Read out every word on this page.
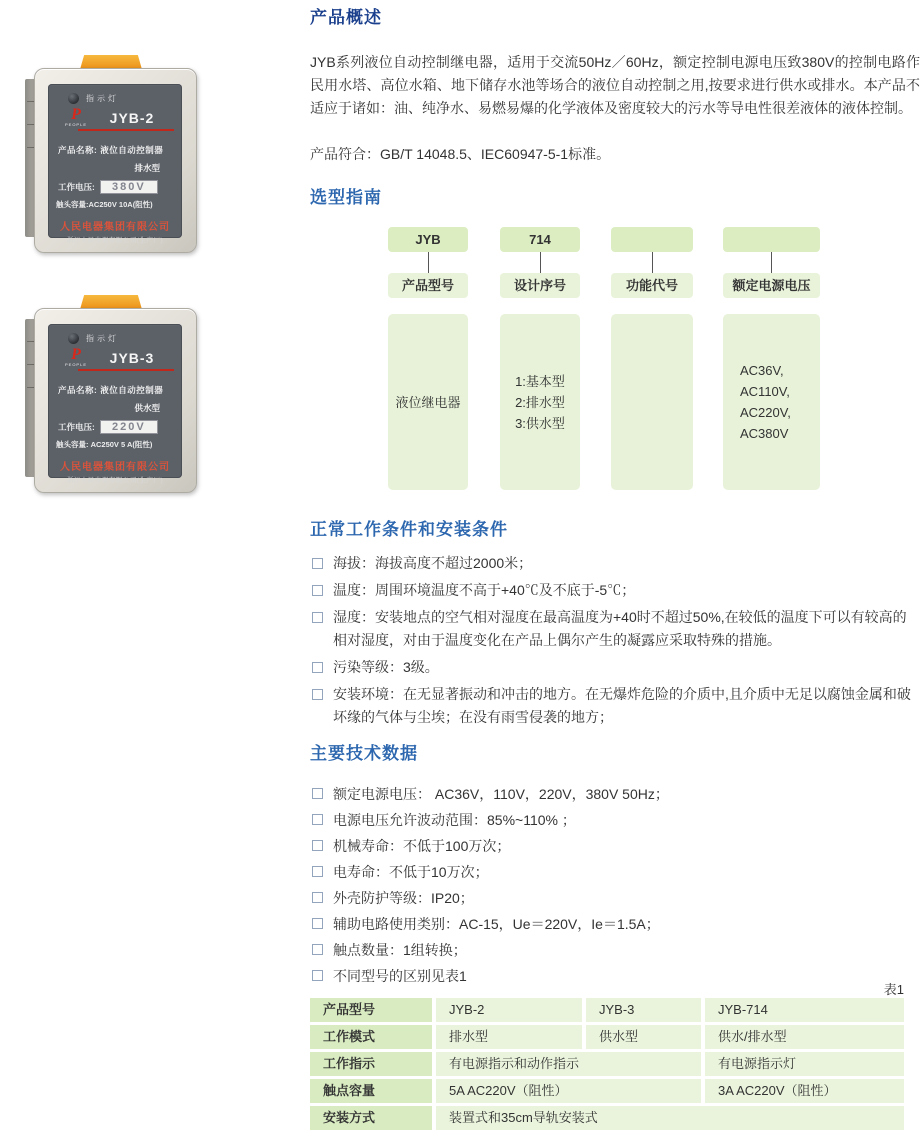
指示灯
P
PEOPLE	JYB-2
产品名称: 液位自动控制器
排水型
工作电压:	380V
触头容量:AC250V 10A(阻性)
人民电器集团有限公司
浙江人民电器有限公司(生产厂)
指示灯
P
PEOPLE	JYB-3
产品名称: 液位自动控制器
供水型
工作电压:	220V
触头容量: AC250V 5 A(阻性)
人民电器集团有限公司
浙江人民电器有限公司(生产厂)
产品概述
JYB系列液位自动控制继电器，适用于交流50Hz／60Hz，额定控制电源电压致380V的控制电路作民用水塔、高位水箱、地下储存水池等场合的液位自动控制之用,按要求进行供水或排水。本产品不适应于诸如：油、纯净水、易燃易爆的化学液体及密度较大的污水等导电性很差液体的液体控制。
产品符合：GB/T 14048.5、IEC60947-5-1标准。
选型指南
JYB
产品型号
液位继电器
714
设计序号
1:基本型
2:排水型
3:供水型
功能代号	额定电源电压
AC36V,
AC110V,
AC220V,
AC380V
正常工作条件和安装条件
海拔：海拔高度不超过2000米；
温度：周围环境温度不高于+40℃及不底于-5℃；
湿度：安装地点的空气相对湿度在最高温度为+40时不超过50%,在较低的温度下可以有较高的相对湿度，对由于温度变化在产品上偶尔产生的凝露应采取特殊的措施。
污染等级：3级。
安装环境：在无显著振动和冲击的地方。在无爆炸危险的介质中,且介质中无足以腐蚀金属和破坏缘的气体与尘埃；在没有雨雪侵袭的地方；
主要技术数据
额定电源电压： AC36V，110V，220V，380V 50Hz；
电源电压允许波动范围：85%~110% ；
机械寿命：不低于100万次；
电寿命：不低于10万次；
外壳防护等级：IP20；
辅助电路使用类别：AC-15，Ue＝220V，Ie＝1.5A；
触点数量：1组转换；
不同型号的区别见表1
表1
产品型号	JYB-2	JYB-3	JYB-714
工作模式	排水型	供水型	供水/排水型
工作指示	有电源指示和动作指示	有电源指示灯
触点容量	5A AC220V（阻性）	3A AC220V（阻性）
安装方式	装置式和35cm导轨安装式
